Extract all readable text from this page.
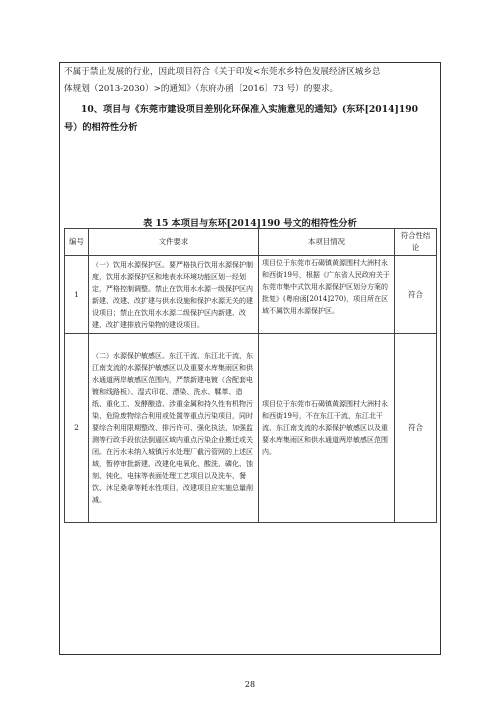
不属于禁止发展的行业，因此项目符合《关于印发<东莞水乡特色发展经济区城乡总

体规划（2013-2030）>的通知》（东府办函〔2016〕73 号）的要求。

10、项目与《东莞市建设项目差别化环保准入实施意见的通知》(东环[2014]190
号）的相符性分析
表 15 本项目与东环[2014]190 号文的相符性分析
编号	文件要求	本项目情况	符合性结论
1	（一）饮用水源保护区。要严格执行饮用水源保护制度，饮用水源保护区和地表水环境功能区划一经划定，严格控制调整。禁止在饮用水水源一级保护区内新建、改建、改扩建与供水设施和保护水源无关的建设项目；禁止在饮用水水源二级保护区内新建、改建、改扩建排放污染物的建设项目。	项目位于东莞市石碣镇黄源围村大洲村永和西街19号，根据《广东省人民政府关于东莞市集中式饮用水源保护区划分方案的批复》(粤府函[2014]270)，项目所在区域不属饮用水源保护区。	符合
2	（二）水源保护敏感区。东江干流、东江北干流、东江南支流的水源保护敏感区以及重要水库集雨区和供水通道两岸敏感区范围内，严禁新建电镀（含配套电镀和线路板）、湿式印花、漂染、洗水、鞣革、造纸、重化工、发酵酿造、涉重金属和持久性有机物污染、危险废物综合利用或处置等重点污染项目，同时要综合利用限期整改、排污许可、强化执法、加强监测等行政手段依法倒逼区域内重点污染企业搬迁或关闭。在污水未纳入城镇污水处理厂截污管网的上述区域，暂停审批新建、改建化电氧化、酸洗、磷化、蚀刻、钝化、电抹等表面处理工艺项目以及洗车、餐饮、沐足桑拿等耗水性项目，改建项目应实施总量削减。	项目位于东莞市石碣镇黄源围村大洲村永和西街19号，不在东江干流、东江北干流、东江南支流的水源保护敏感区以及重要水库集雨区和供水通道两岸敏感区范围内。	符合
28
